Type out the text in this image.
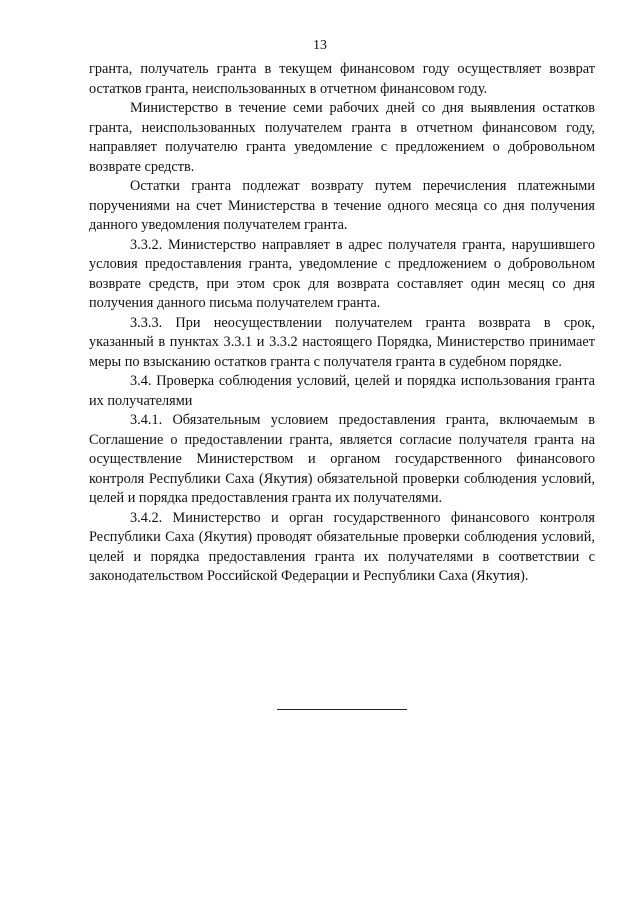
13

гранта, получатель гранта в текущем финансовом году осуществляет возврат остатков гранта, неиспользованных в отчетном финансовом году.

Министерство в течение семи рабочих дней со дня выявления остатков гранта, неиспользованных получателем гранта в отчетном финансовом году, направляет получателю гранта уведомление с предложением о добровольном возврате средств.

Остатки гранта подлежат возврату путем перечисления платежными поручениями на счет Министерства в течение одного месяца со дня получения данного уведомления получателем гранта.

3.3.2. Министерство направляет в адрес получателя гранта, нарушившего условия предоставления гранта, уведомление с предложением о добровольном возврате средств, при этом срок для возврата составляет один месяц со дня получения данного письма получателем гранта.

3.3.3. При неосуществлении получателем гранта возврата в срок, указанный в пунктах 3.3.1 и 3.3.2 настоящего Порядка, Министерство принимает меры по взысканию остатков гранта с получателя гранта в судебном порядке.

3.4. Проверка соблюдения условий, целей и порядка использования гранта их получателями

3.4.1. Обязательным условием предоставления гранта, включаемым в Соглашение о предоставлении гранта, является согласие получателя гранта на осуществление Министерством и органом государственного финансового контроля Республики Саха (Якутия) обязательной проверки соблюдения условий, целей и порядка предоставления гранта их получателями.

3.4.2. Министерство и орган государственного финансового контроля Республики Саха (Якутия) проводят обязательные проверки соблюдения условий, целей и порядка предоставления гранта их получателями в соответствии с законодательством Российской Федерации и Республики Саха (Якутия).
